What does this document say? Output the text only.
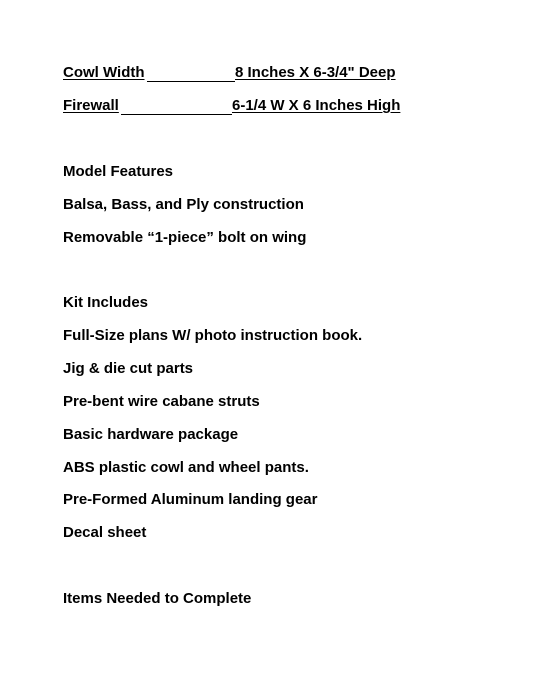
Cowl Width	8 Inches X 6-3/4" Deep
Firewall	6-1/4 W X 6 Inches High
Model Features
Balsa, Bass, and Ply construction
Removable “1-piece” bolt on wing
Kit Includes
Full-Size plans W/ photo instruction book.
Jig & die cut parts
Pre-bent wire cabane struts
Basic hardware package
ABS plastic cowl and wheel pants.
Pre-Formed Aluminum landing gear
Decal sheet
Items Needed to Complete
